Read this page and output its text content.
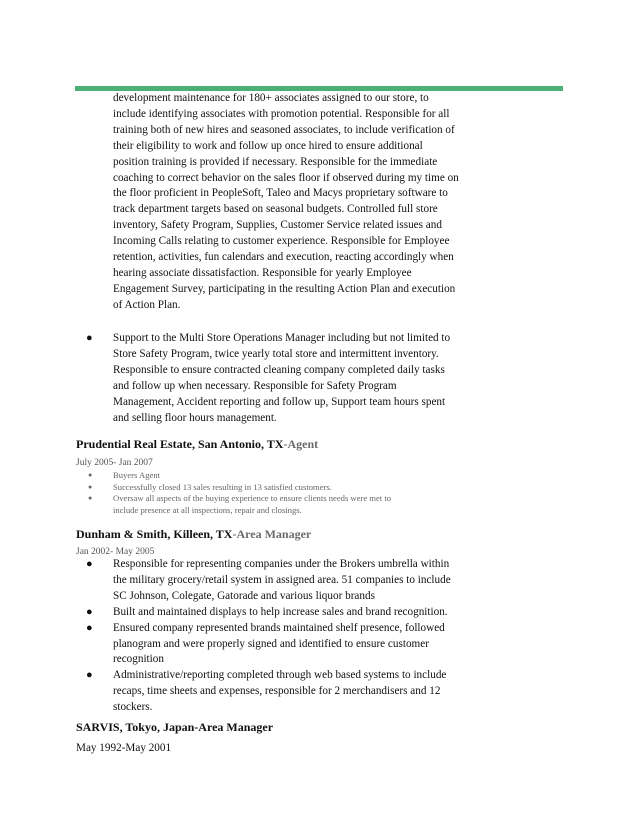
development maintenance for 180+ associates assigned to our store, to
include identifying associates with promotion potential. Responsible for all
training both of new hires and seasoned associates, to include verification of
their eligibility to work and follow up once hired to ensure additional
position training is provided if necessary. Responsible for the immediate
coaching to correct behavior on the sales floor if observed during my time on
the floor proficient in PeopleSoft, Taleo and Macys proprietary software to
track department targets based on seasonal budgets. Controlled full store
inventory, Safety Program, Supplies, Customer Service related issues and
Incoming Calls relating to customer experience. Responsible for Employee
retention, activities, fun calendars and execution, reacting accordingly when
hearing associate dissatisfaction. Responsible for yearly Employee
Engagement Survey, participating in the resulting Action Plan and execution
of Action Plan.
●	Support to the Multi Store Operations Manager including but not limited to
Store Safety Program, twice yearly total store and intermittent inventory.
Responsible to ensure contracted cleaning company completed daily tasks
and follow up when necessary. Responsible for Safety Program
Management, Accident reporting and follow up, Support team hours spent
and selling floor hours management.
Prudential Real Estate, San Antonio, TX-Agent
July 2005- Jan 2007
●	Buyers Agent
●	Successfully closed 13 sales resulting in 13 satisfied customers.
●	Oversaw all aspects of the buying experience to ensure clients needs were met to
include presence at all inspections, repair and closings.
Dunham & Smith, Killeen, TX-Area Manager
Jan 2002- May 2005
●	Responsible for representing companies under the Brokers umbrella within
the military grocery/retail system in assigned area. 51 companies to include
SC Johnson, Colegate, Gatorade and various liquor brands
●	Built and maintained displays to help increase sales and brand recognition.
●	Ensured company represented brands maintained shelf presence, followed
planogram and were properly signed and identified to ensure customer
recognition
●	Administrative/reporting completed through web based systems to include
recaps, time sheets and expenses, responsible for 2 merchandisers and 12
stockers.
SARVIS, Tokyo, Japan-Area Manager
May 1992-May 2001
